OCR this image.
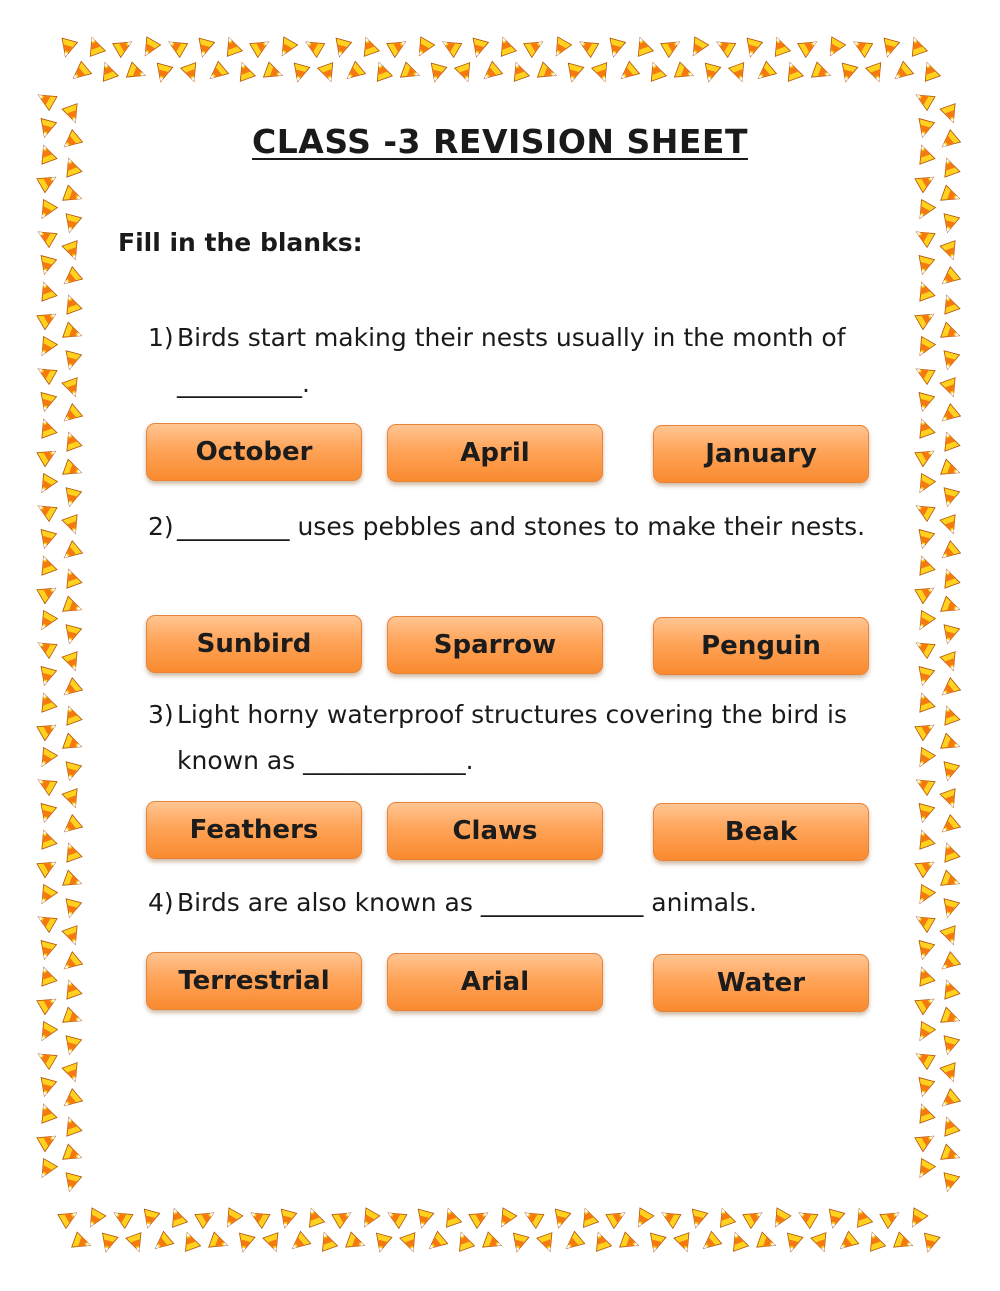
CLASS -3 REVISION SHEET
Fill in the blanks:
1) Birds start making their nests usually in the month of __________.
October	April	January
2) _________ uses pebbles and stones to make their nests.
Sunbird	Sparrow	Penguin
3) Light horny waterproof structures covering the bird is known as _____________.
Feathers	Claws	Beak
4) Birds are also known as _____________ animals.
Terrestrial	Arial	Water
